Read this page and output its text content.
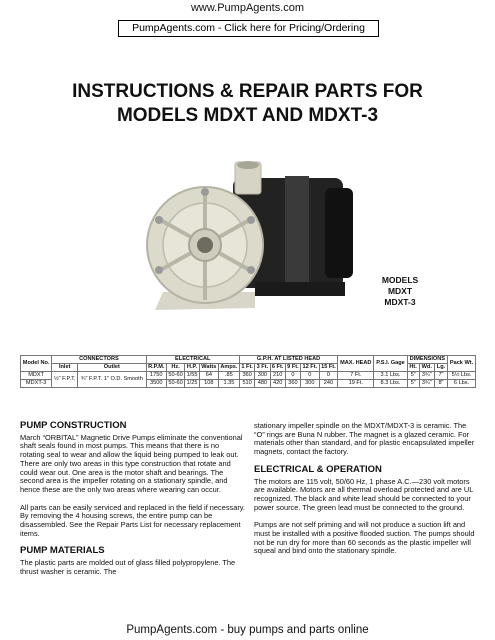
www.PumpAgents.com
PumpAgents.com - Click here for Pricing/Ordering
INSTRUCTIONS & REPAIR PARTS FOR
MODELS MDXT AND MDXT-3
MODELS
MDXT
MDXT-3
Model No.	CONNECTORS		ELECTRICAL					G.P.H. AT LISTED HEAD						MAX. HEAD	P.S.I. Gage	DIMENSIONS			Pack Wt.
	Inlet	Outlet	R.P.M.	Hz.	H.P.	Watts	Amps.	1 Ft.	3 Ft.	6 Ft.	9 Ft.	12 Ft.	15 Ft.			Ht.	Wd.	Lg.	
MDXT	½" F.P.T.	¾" F.P.T. 1" O.D. Smooth	1750	50-60	1/55	64	.85	360	300	210	0	0	0	7 Ft.	3.1 Lbs.	5"	3¾"	7"	5½ Lbs.
MDXT-3			3500	50-60	1/25	108	1.35	510	480	420	360	300	240	19 Ft.	8.3 Lbs.	5"	3¾"	8"	6 Lbs.
PUMP CONSTRUCTION

March “ORBITAL” Magnetic Drive Pumps eliminate the conventional shaft seals found in most pumps. This means that there is no rotating seal to wear and allow the liquid being pumped to leak out. There are only two areas in this type construction that rotate and could wear out. One area is the motor shaft and bearings. The second area is the impeller rotating on a stationary spindle, and hence these are the only two areas where wearing can occur.

All parts can be easily serviced and replaced in the field if necessary. By removing the 4 housing screws, the entire pump can be disassembled. See the Repair Parts List for necessary replacement items.

PUMP MATERIALS

The plastic parts are molded out of glass filled polypropylene. The thrust washer is ceramic. The

stationary impeller spindle on the MDXT/MDXT-3 is ceramic. The “O” rings are Buna N rubber. The magnet is a glazed ceramic. For materials other than standard, and for plastic encapsulated impeller magnets, contact the factory.

ELECTRICAL & OPERATION

The motors are 115 volt, 50/60 Hz, 1 phase A.C.—230 volt motors are available. Motors are all thermal overload protected and are UL recognized. The black and white lead should be connected to your power source. The green lead must be connected to the ground.

Pumps are not self priming and will not produce a suction lift and must be installed with a positive flooded suction. The pumps should not be run dry for more than 60 seconds as the plastic impeller will squeal and bind onto the stationary spindle.

PumpAgents.com - buy pumps and parts online
